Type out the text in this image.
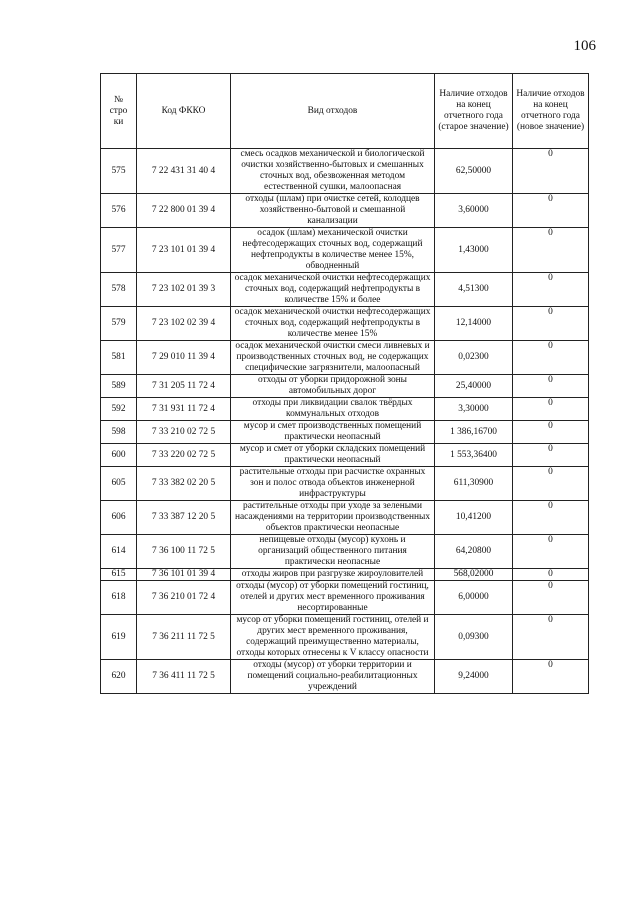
106
№ стро ки	Код ФККО	Вид отходов	Наличие отходов на конец отчетного года (старое значение)	Наличие отходов на конец отчетного года (новое значение)
575	7 22 431 31 40 4	смесь осадков механической и биологической очистки хозяйственно-бытовых и смешанных сточных вод, обезвоженная методом естественной сушки, малоопасная	62,50000	0
576	7 22 800 01 39 4	отходы (шлам) при очистке сетей, колодцев хозяйственно-бытовой и смешанной канализации	3,60000	0
577	7 23 101 01 39 4	осадок (шлам) механической очистки нефтесодержащих сточных вод, содержащий нефтепродукты в количестве менее 15%, обводненный	1,43000	0
578	7 23 102 01 39 3	осадок механической очистки нефтесодержащих сточных вод, содержащий нефтепродукты в количестве 15% и более	4,51300	0
579	7 23 102 02 39 4	осадок механической очистки нефтесодержащих сточных вод, содержащий нефтепродукты в количестве менее 15%	12,14000	0
581	7 29 010 11 39 4	осадок механической очистки смеси ливневых и производственных сточных вод, не содержащих специфические загрязнители, малоопасный	0,02300	0
589	7 31 205 11 72 4	отходы от уборки придорожной зоны автомобильных дорог	25,40000	0
592	7 31 931 11 72 4	отходы при ликвидации свалок твёрдых коммунальных отходов	3,30000	0
598	7 33 210 02 72 5	мусор и смет производственных помещений практически неопасный	1 386,16700	0
600	7 33 220 02 72 5	мусор и смет от уборки складских помещений практически неопасный	1 553,36400	0
605	7 33 382 02 20 5	растительные отходы при расчистке охранных зон и полос отвода объектов инженерной инфраструктуры	611,30900	0
606	7 33 387 12 20 5	растительные отходы при уходе за зелеными насаждениями на территории производственных объектов практически неопасные	10,41200	0
614	7 36 100 11 72 5	непищевые отходы (мусор) кухонь и организаций общественного питания практически неопасные	64,20800	0
615	7 36 101 01 39 4	отходы жиров при разгрузке жироуловителей	568,02000	0
618	7 36 210 01 72 4	отходы (мусор) от уборки помещений гостиниц, отелей и других мест временного проживания несортированные	6,00000	0
619	7 36 211 11 72 5	мусор от уборки помещений гостиниц, отелей и других мест временного проживания, содержащий преимущественно материалы, отходы которых отнесены к V классу опасности	0,09300	0
620	7 36 411 11 72 5	отходы (мусор) от уборки территории и помещений социально-реабилитационных учреждений	9,24000	0
